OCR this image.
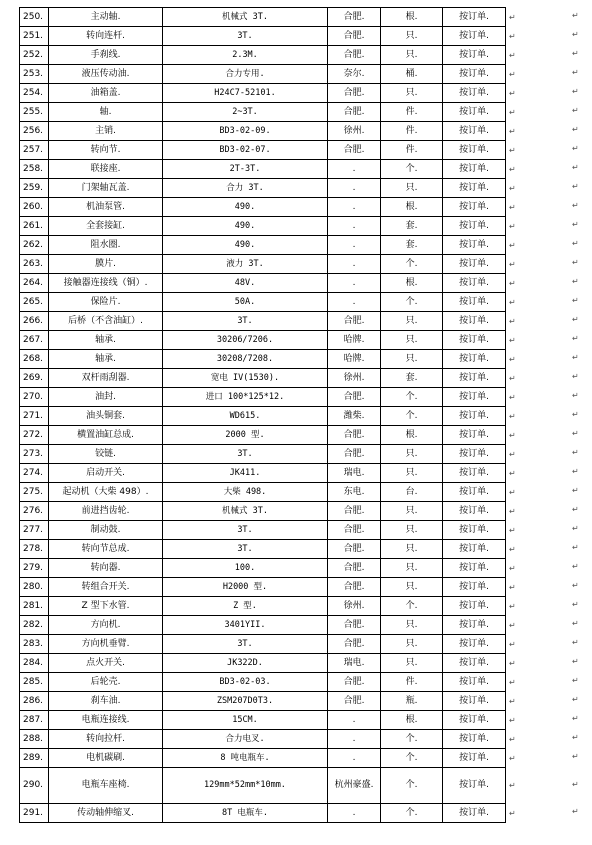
250.	主动轴.	机械式 3T.	合肥.	根.	按订单.	↵
251.	转向连杆.	3T.	合肥.	只.	按订单.	↵
252.	手刹线.	2.3M.	合肥.	只.	按订单.	↵
253.	液压传动油.	合力专用.	奈尔.	桶.	按订单.	↵
254.	油箱盖.	H24C7-52101.	合肥.	只.	按订单.	↵
255.	轴.	2~3T.	合肥.	件.	按订单.	↵
256.	主销.	BD3-02-09.	徐州.	件.	按订单.	↵
257.	转向节.	BD3-02-07.	合肥.	件.	按订单.	↵
258.	联接座.	2T-3T.	.	个.	按订单.	↵
259.	门架轴瓦盖.	合力 3T.	.	只.	按订单.	↵
260.	机油泵管.	490.	.	根.	按订单.	↵
261.	全套接缸.	490.	.	套.	按订单.	↵
262.	阻水圈.	490.	.	套.	按订单.	↵
263.	膜片.	液力 3T.	.	个.	按订单.	↵
264.	接触器连接线（铜）.	48V.	.	根.	按订单.	↵
265.	保险片.	50A.	.	个.	按订单.	↵
266.	后桥（不含油缸）.	3T.	合肥.	只.	按订单.	↵
267.	轴承.	30206/7206.	哈牌.	只.	按订单.	↵
268.	轴承.	30208/7208.	哈牌.	只.	按订单.	↵
269.	双杆雨刮器.	宽电 IV(1530).	徐州.	套.	按订单.	↵
270.	油封.	进口 100*125*12.	合肥.	个.	按订单.	↵
271.	油头铜套.	WD615.	潍柴.	个.	按订单.	↵
272.	横置油缸总成.	2000 型.	合肥.	根.	按订单.	↵
273.	铰链.	3T.	合肥.	只.	按订单.	↵
274.	启动开关.	JK411.	瑞电.	只.	按订单.	↵
275.	起动机（大柴 498）.	大柴 498.	东电.	台.	按订单.	↵
276.	前进挡齿轮.	机械式 3T.	合肥.	只.	按订单.	↵
277.	制动鼓.	3T.	合肥.	只.	按订单.	↵
278.	转向节总成.	3T.	合肥.	只.	按订单.	↵
279.	转向器.	100.	合肥.	只.	按订单.	↵
280.	转组合开关.	H2000 型.	合肥.	只.	按订单.	↵
281.	Z 型下水管.	Z 型.	徐州.	个.	按订单.	↵
282.	方向机.	3401YII.	合肥.	只.	按订单.	↵
283.	方向机垂臂.	3T.	合肥.	只.	按订单.	↵
284.	点火开关.	JK322D.	瑞电.	只.	按订单.	↵
285.	后轮壳.	BD3-02-03.	合肥.	件.	按订单.	↵
286.	刹车油.	ZSM207D0T3.	合肥.	瓶.	按订单.	↵
287.	电瓶连接线.	15CM.	.	根.	按订单.	↵
288.	转向拉杆.	合力电叉.	.	个.	按订单.	↵
289.	电机碳刷.	8 吨电瓶车.	.	个.	按订单.	↵
290.	电瓶车座椅.	129mm*52mm*10mm.	杭州豪盛.	个.	按订单.	↵
291.	传动轴伸缩叉.	8T 电瓶车.	.	个.	按订单.	↵
↵
↵
↵
↵
↵
↵
↵
↵
↵
↵
↵
↵
↵
↵
↵
↵
↵
↵
↵
↵
↵
↵
↵
↵
↵
↵
↵
↵
↵
↵
↵
↵
↵
↵
↵
↵
↵
↵
↵
↵
↵
↵
